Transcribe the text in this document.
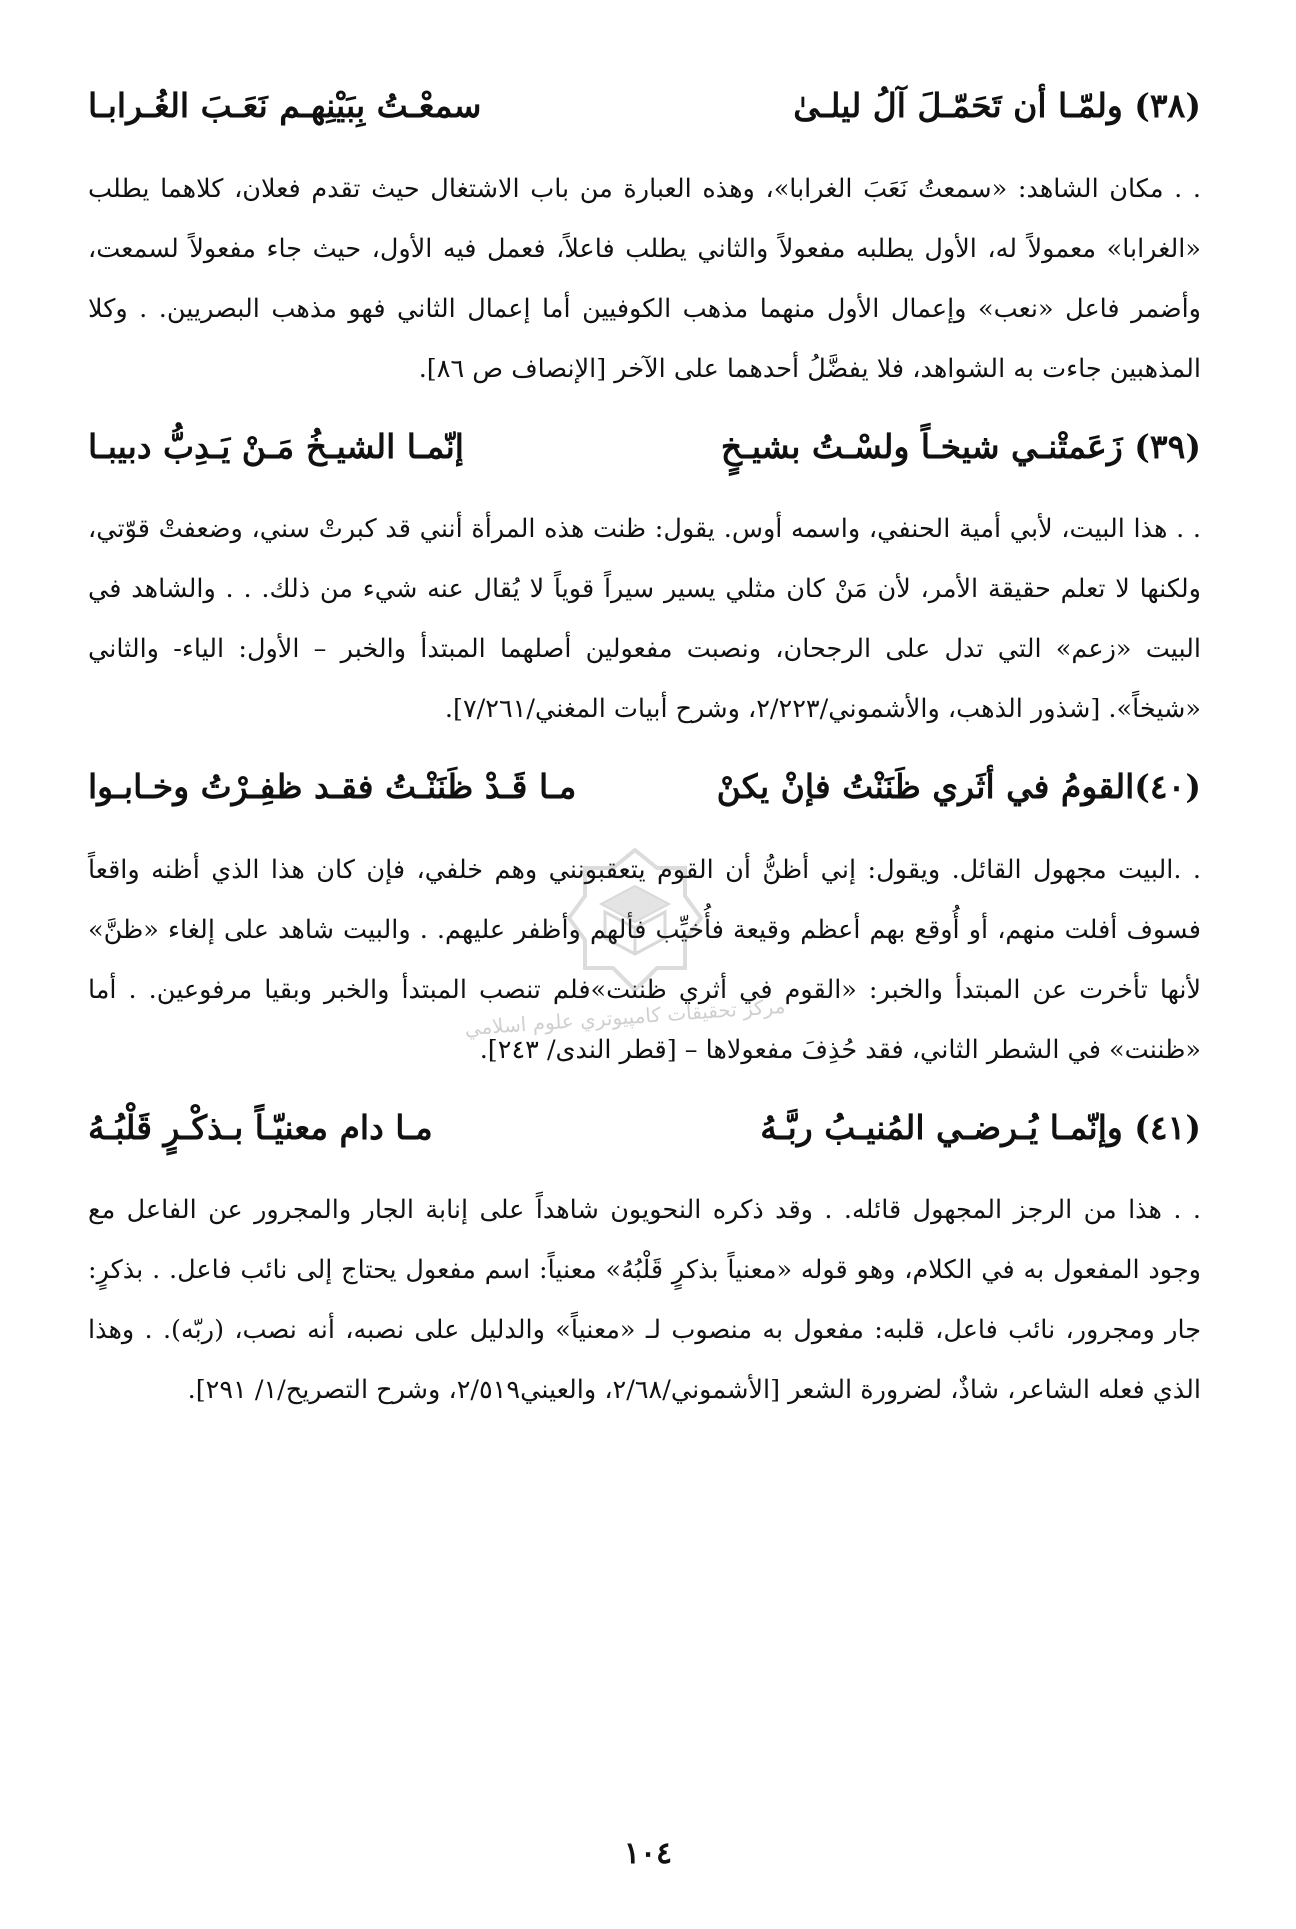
(٣٨) ولمّـا أن تَحَمّـلَ آلُ ليلـىٰ
سمعْـتُ بِبَيْنِهـم نَعَـبَ الغُـرابـا

. . مكان الشاهد: «سمعتُ نَعَبَ الغرابا»، وهذه العبارة من باب الاشتغال حيث تقدم فعلان، كلاهما يطلب «الغرابا» معمولاً له، الأول يطلبه مفعولاً والثاني يطلب فاعلاً، فعمل فيه الأول، حيث جاء مفعولاً لسمعت، وأضمر فاعل «نعب» وإعمال الأول منهما مذهب الكوفيين أما إعمال الثاني فهو مذهب البصريين. . وكلا المذهبين جاءت به الشواهد، فلا يفضَّلُ أحدهما على الآخر [الإنصاف ص ٨٦].

(٣٩) زَعَمتْنـي شيخـاً ولسْـتُ بشيـخٍ
إنّمـا الشيـخُ مَـنْ يَـدِبُّ دبيبـا

. . هذا البيت، لأبي أمية الحنفي، واسمه أوس. يقول: ظنت هذه المرأة أنني قد كبرتْ سني، وضعفتْ قوّتي، ولكنها لا تعلم حقيقة الأمر، لأن مَنْ كان مثلي يسير سيراً قوياً لا يُقال عنه شيء من ذلك. . . والشاهد في البيت «زعم» التي تدل على الرجحان، ونصبت مفعولين أصلهما المبتدأ والخبر – الأول: الياء- والثاني «شيخاً». [شذور الذهب، والأشموني/٢/٢٢٣، وشرح أبيات المغني/٧/٢٦١].

(٤٠)القومُ في أثَري ظَنَنْتُ فإنْ يكنْ
مـا قَـدْ ظَنَنْـتُ فقـد ظفِـرْتُ وخـابـوا

. .البيت مجهول القائل. ويقول: إني أظنُّ أن القوم يتعقبونني وهم خلفي، فإن كان هذا الذي أظنه واقعاً فسوف أفلت منهم، أو أُوقع بهم أعظم وقيعة فأُخيِّب فألهم وأظفر عليهم. . والبيت شاهد على إلغاء «ظنَّ» لأنها تأخرت عن المبتدأ والخبر: «القوم في أثري ظننت»فلم تنصب المبتدأ والخبر وبقيا مرفوعين. . أما «ظننت» في الشطر الثاني، فقد حُذِفَ مفعولاها – [قطر الندى/ ٢٤٣].

(٤١) وإنّمـا يُـرضـي المُنيـبُ ربَّـهُ
مـا دام معنيّـاً بـذكْـرٍ قَلْبُـهُ

. . هذا من الرجز المجهول قائله. . وقد ذكره النحويون شاهداً على إنابة الجار والمجرور عن الفاعل مع وجود المفعول به في الكلام، وهو قوله «معنياً بذكرٍ قَلْبُهُ» معنياً: اسم مفعول يحتاج إلى نائب فاعل. . بذكرٍ: جار ومجرور، نائب فاعل، قلبه: مفعول به منصوب لـ «معنياً» والدليل على نصبه، أنه نصب، (ربّه). . وهذا الذي فعله الشاعر، شاذٌ، لضرورة الشعر [الأشموني/٢/٦٨، والعيني٢/٥١٩، وشرح التصريح/١/ ٢٩١].

مركز تحقيقات كامپيوتري علوم اسلامي
١٠٤
